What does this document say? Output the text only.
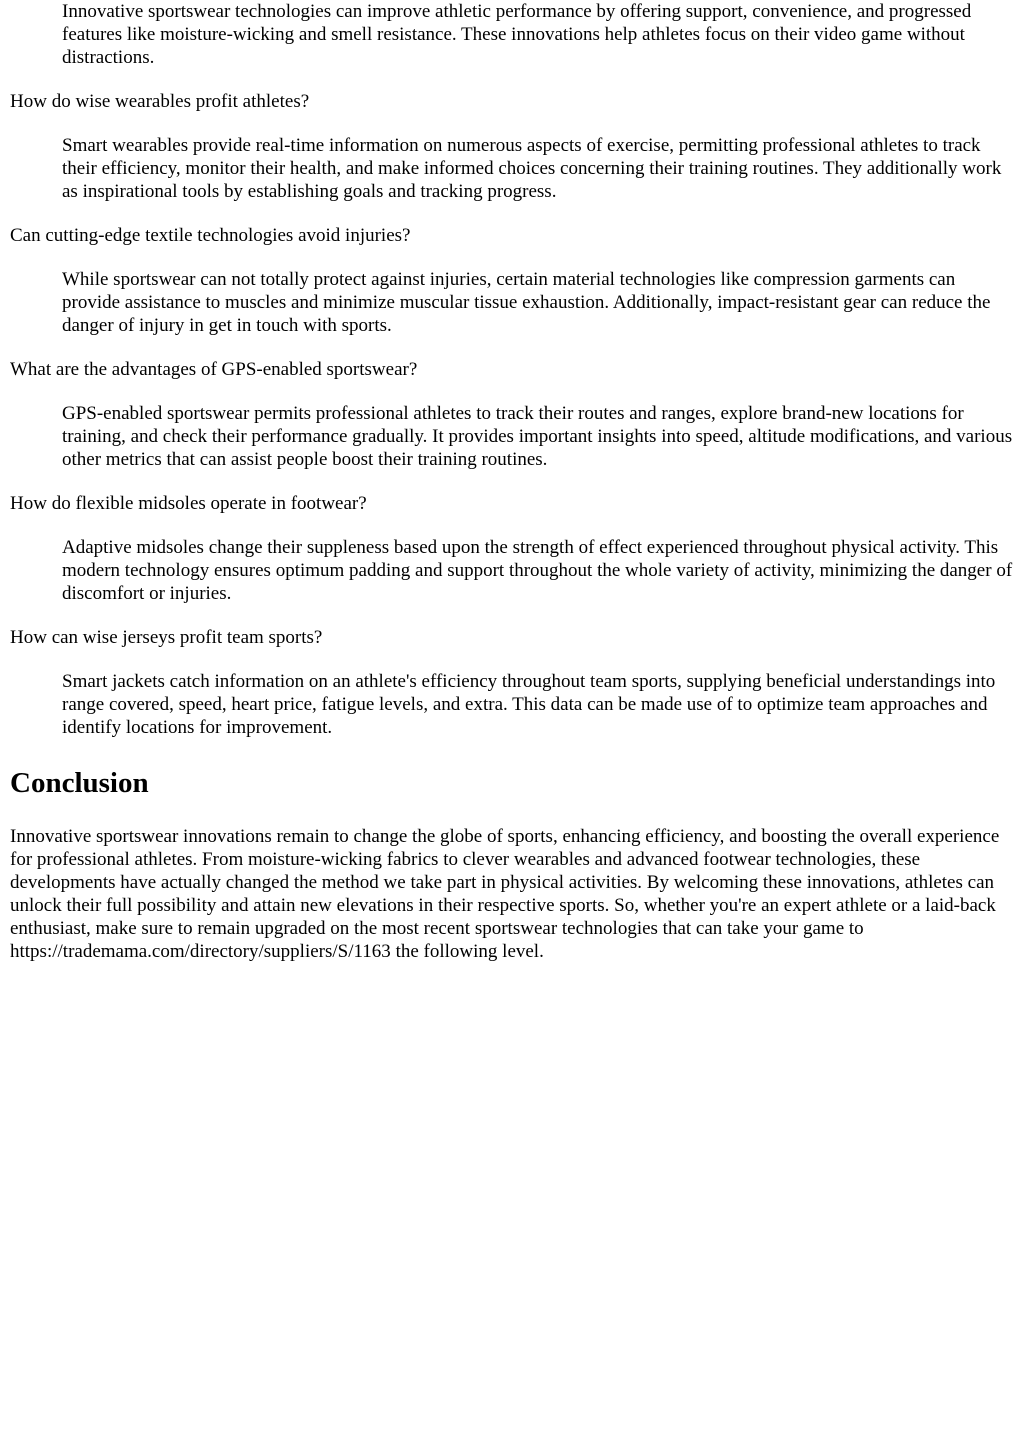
Innovative sportswear technologies can improve athletic performance by offering support, convenience, and progressed features like moisture-wicking and smell resistance. These innovations help athletes focus on their video game without distractions.

How do wise wearables profit athletes?

Smart wearables provide real-time information on numerous aspects of exercise, permitting professional athletes to track their efficiency, monitor their health, and make informed choices concerning their training routines. They additionally work as inspirational tools by establishing goals and tracking progress.

Can cutting-edge textile technologies avoid injuries?

While sportswear can not totally protect against injuries, certain material technologies like compression garments can provide assistance to muscles and minimize muscular tissue exhaustion. Additionally, impact-resistant gear can reduce the danger of injury in get in touch with sports.

What are the advantages of GPS-enabled sportswear?

GPS-enabled sportswear permits professional athletes to track their routes and ranges, explore brand-new locations for training, and check their performance gradually. It provides important insights into speed, altitude modifications, and various other metrics that can assist people boost their training routines.

How do flexible midsoles operate in footwear?

Adaptive midsoles change their suppleness based upon the strength of effect experienced throughout physical activity. This modern technology ensures optimum padding and support throughout the whole variety of activity, minimizing the danger of discomfort or injuries.

How can wise jerseys profit team sports?

Smart jackets catch information on an athlete's efficiency throughout team sports, supplying beneficial understandings into range covered, speed, heart price, fatigue levels, and extra. This data can be made use of to optimize team approaches and identify locations for improvement.

Conclusion

Innovative sportswear innovations remain to change the globe of sports, enhancing efficiency, and boosting the overall experience for professional athletes. From moisture-wicking fabrics to clever wearables and advanced footwear technologies, these developments have actually changed the method we take part in physical activities. By welcoming these innovations, athletes can unlock their full possibility and attain new elevations in their respective sports. So, whether you're an expert athlete or a laid-back enthusiast, make sure to remain upgraded on the most recent sportswear technologies that can take your game to https://trademama.com/directory/suppliers/S/1163 the following level.
